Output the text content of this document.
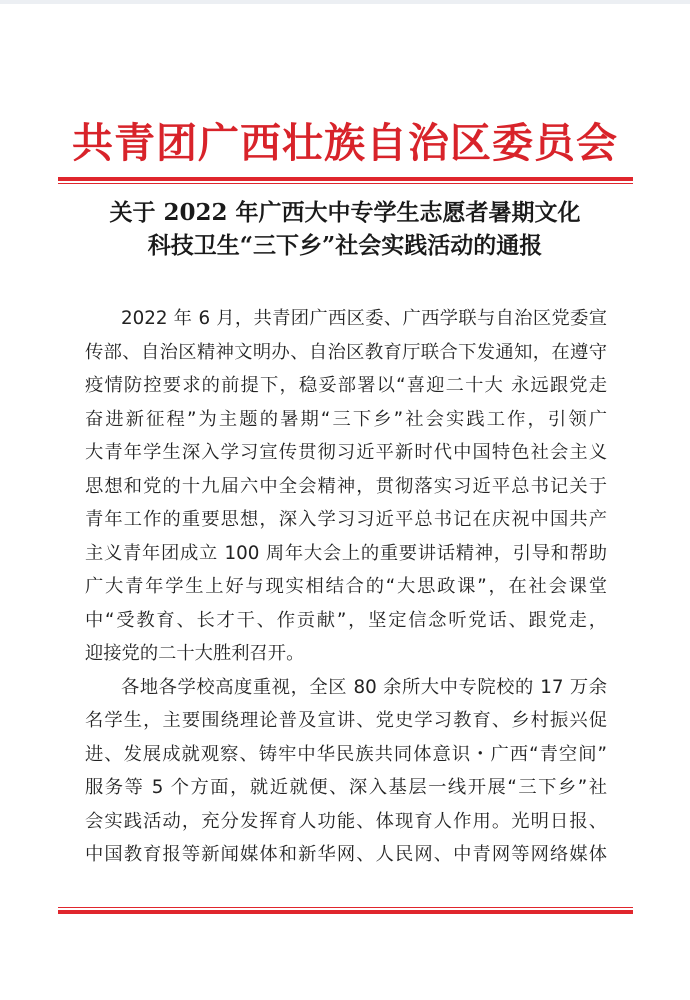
共青团广西壮族自治区委员会
关于 2022 年广西大中专学生志愿者暑期文化
科技卫生“三下乡”社会实践活动的通报
2022 年 6 月，共青团广西区委、广西学联与自治区党委宣
传部、自治区精神文明办、自治区教育厅联合下发通知，在遵守
疫情防控要求的前提下，稳妥部署以“喜迎二十大 永远跟党走
奋进新征程”为主题的暑期“三下乡”社会实践工作，引领广
大青年学生深入学习宣传贯彻习近平新时代中国特色社会主义
思想和党的十九届六中全会精神，贯彻落实习近平总书记关于
青年工作的重要思想，深入学习习近平总书记在庆祝中国共产
主义青年团成立 100 周年大会上的重要讲话精神，引导和帮助
广大青年学生上好与现实相结合的“大思政课”，在社会课堂
中“受教育、长才干、作贡献”，坚定信念听党话、跟党走，
迎接党的二十大胜利召开。
各地各学校高度重视，全区 80 余所大中专院校的 17 万余
名学生，主要围绕理论普及宣讲、党史学习教育、乡村振兴促
进、发展成就观察、铸牢中华民族共同体意识・广西“青空间”
服务等 5 个方面，就近就便、深入基层一线开展“三下乡”社
会实践活动，充分发挥育人功能、体现育人作用。光明日报、
中国教育报等新闻媒体和新华网、人民网、中青网等网络媒体
